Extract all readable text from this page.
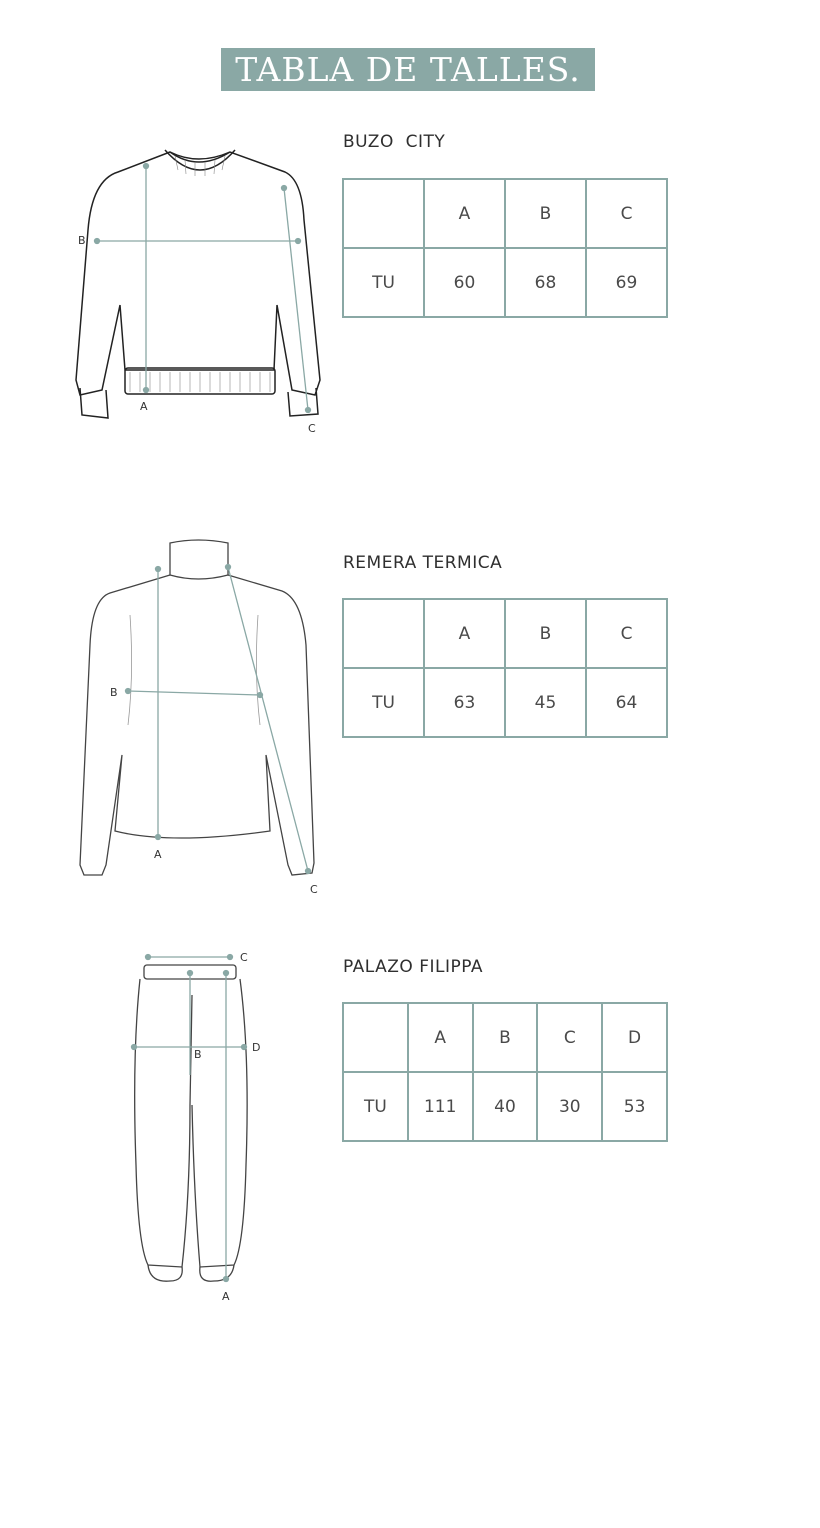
TABLA DE TALLES.
A
B
C
BUZO  CITY
	A	B	C
TU	60	68	69
A
B
C
REMERA TERMICA
	A	B	C
TU	63	45	64
A
B
C
D
PALAZO FILIPPA
	A	B	C	D
TU	111	40	30	53
